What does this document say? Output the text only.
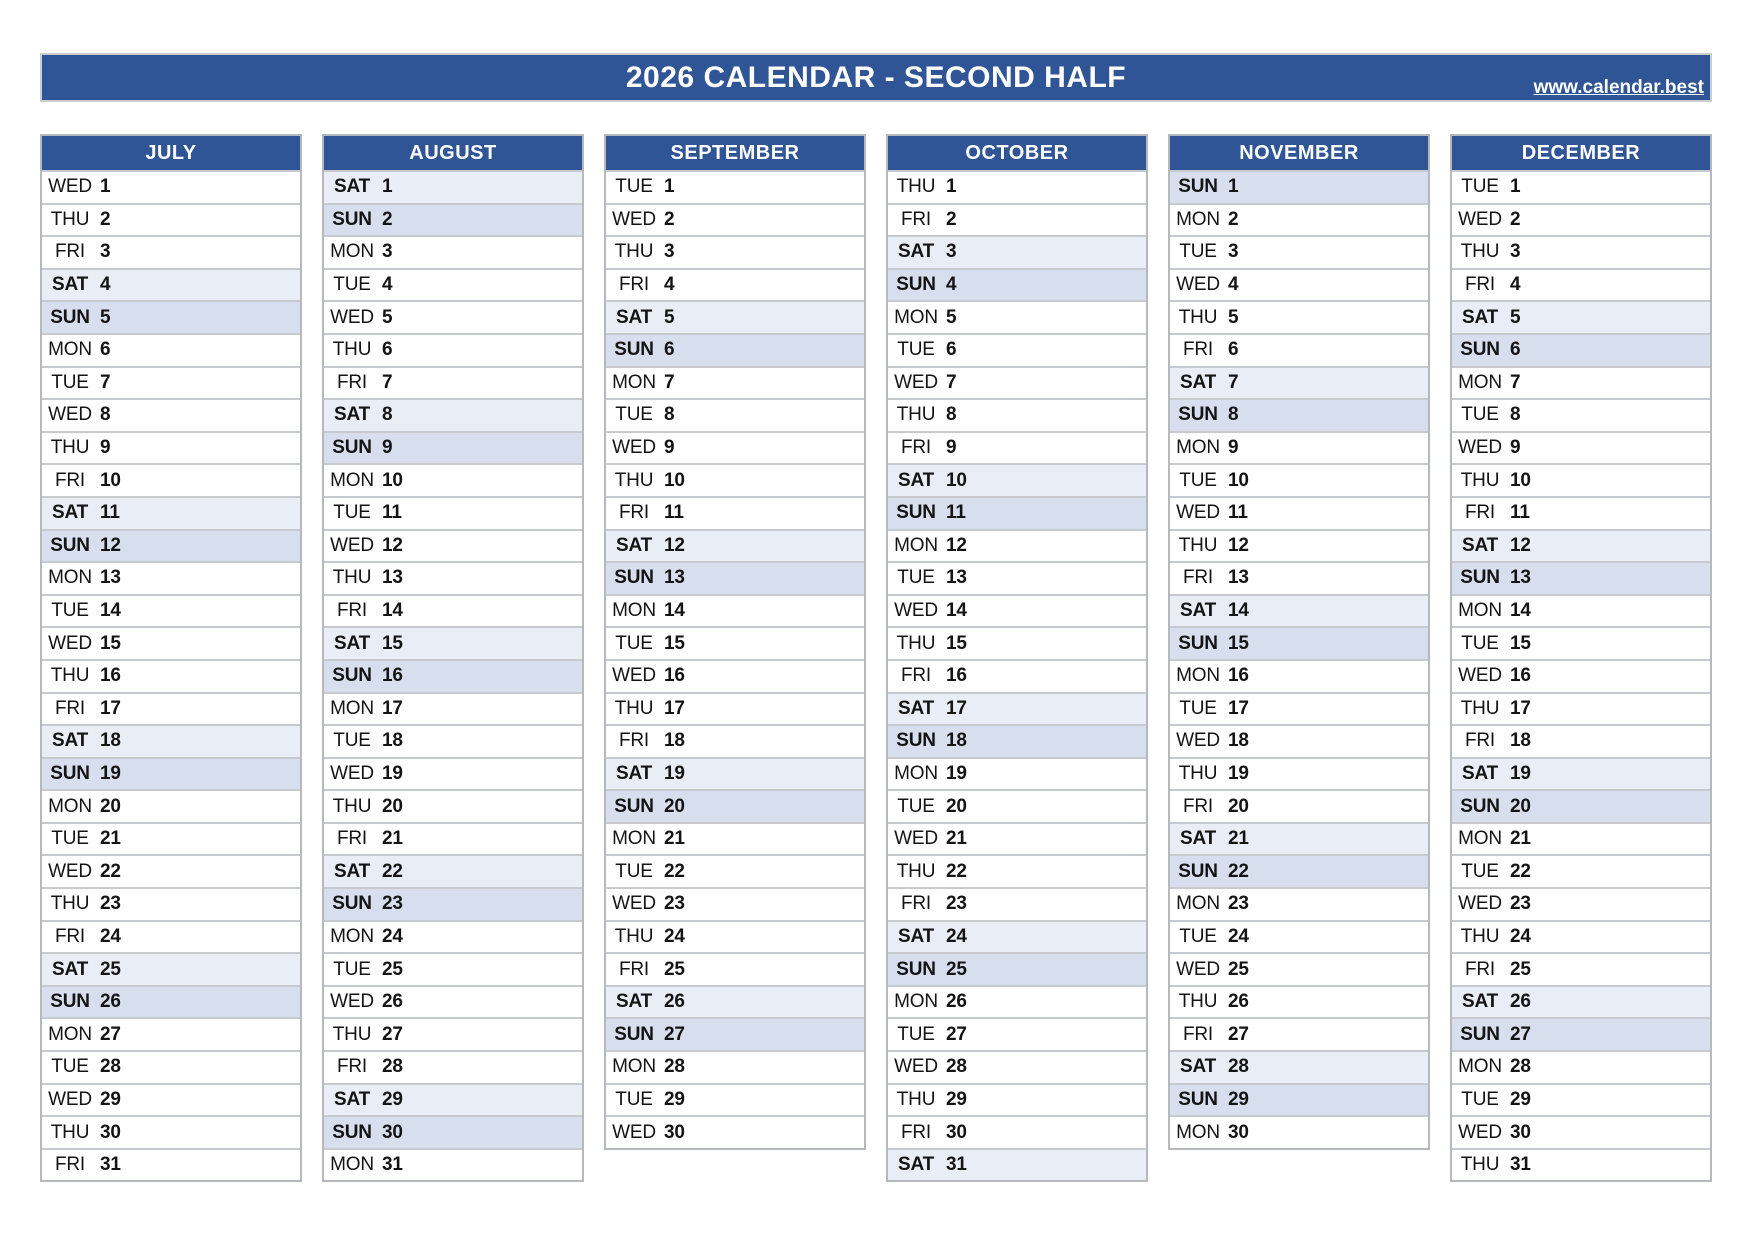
2026 CALENDAR - SECOND HALF	www.calendar.best
JULY
WED 1
THU 2
FRI 3
SAT 4
SUN 5
MON 6
TUE 7
WED 8
THU 9
FRI 10
SAT 11
SUN 12
MON 13
TUE 14
WED 15
THU 16
FRI 17
SAT 18
SUN 19
MON 20
TUE 21
WED 22
THU 23
FRI 24
SAT 25
SUN 26
MON 27
TUE 28
WED 29
THU 30
FRI 31
AUGUST
SAT 1
SUN 2
MON 3
TUE 4
WED 5
THU 6
FRI 7
SAT 8
SUN 9
MON 10
TUE 11
WED 12
THU 13
FRI 14
SAT 15
SUN 16
MON 17
TUE 18
WED 19
THU 20
FRI 21
SAT 22
SUN 23
MON 24
TUE 25
WED 26
THU 27
FRI 28
SAT 29
SUN 30
MON 31
SEPTEMBER
TUE 1
WED 2
THU 3
FRI 4
SAT 5
SUN 6
MON 7
TUE 8
WED 9
THU 10
FRI 11
SAT 12
SUN 13
MON 14
TUE 15
WED 16
THU 17
FRI 18
SAT 19
SUN 20
MON 21
TUE 22
WED 23
THU 24
FRI 25
SAT 26
SUN 27
MON 28
TUE 29
WED 30
OCTOBER
THU 1
FRI 2
SAT 3
SUN 4
MON 5
TUE 6
WED 7
THU 8
FRI 9
SAT 10
SUN 11
MON 12
TUE 13
WED 14
THU 15
FRI 16
SAT 17
SUN 18
MON 19
TUE 20
WED 21
THU 22
FRI 23
SAT 24
SUN 25
MON 26
TUE 27
WED 28
THU 29
FRI 30
SAT 31
NOVEMBER
SUN 1
MON 2
TUE 3
WED 4
THU 5
FRI 6
SAT 7
SUN 8
MON 9
TUE 10
WED 11
THU 12
FRI 13
SAT 14
SUN 15
MON 16
TUE 17
WED 18
THU 19
FRI 20
SAT 21
SUN 22
MON 23
TUE 24
WED 25
THU 26
FRI 27
SAT 28
SUN 29
MON 30
DECEMBER
TUE 1
WED 2
THU 3
FRI 4
SAT 5
SUN 6
MON 7
TUE 8
WED 9
THU 10
FRI 11
SAT 12
SUN 13
MON 14
TUE 15
WED 16
THU 17
FRI 18
SAT 19
SUN 20
MON 21
TUE 22
WED 23
THU 24
FRI 25
SAT 26
SUN 27
MON 28
TUE 29
WED 30
THU 31
